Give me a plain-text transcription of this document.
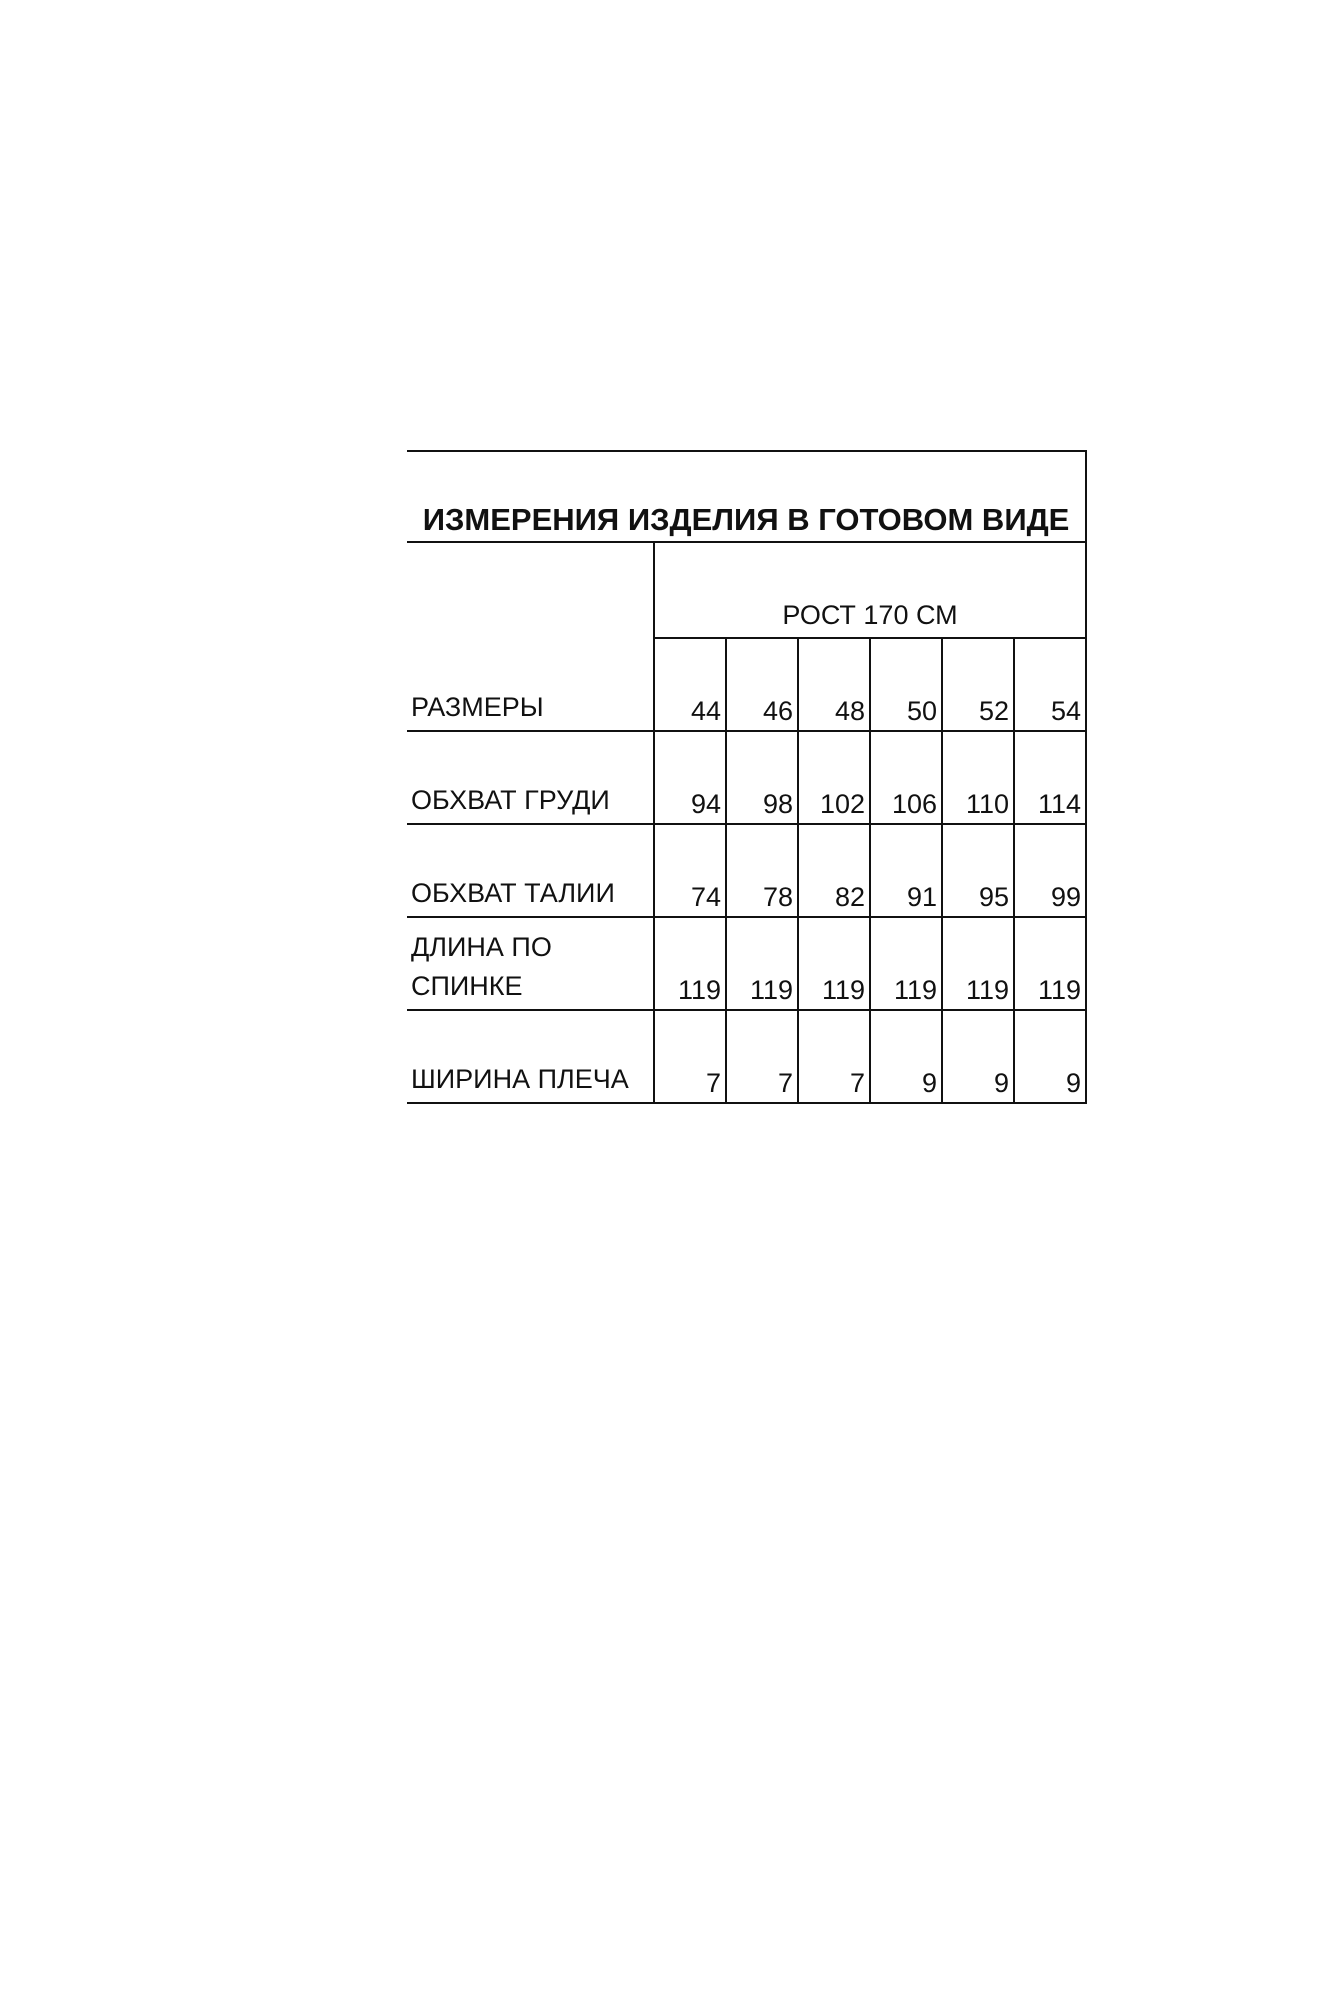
ИЗМЕРЕНИЯ ИЗДЕЛИЯ В ГОТОВОМ ВИДЕ						
	РОСТ 170 СМ					
РАЗМЕРЫ	44	46	48	50	52	54
ОБХВАТ ГРУДИ	94	98	102	106	110	114
ОБХВАТ ТАЛИИ	74	78	82	91	95	99
ДЛИНА ПО СПИНКЕ	119	119	119	119	119	119
ШИРИНА ПЛЕЧА	7	7	7	9	9	9
